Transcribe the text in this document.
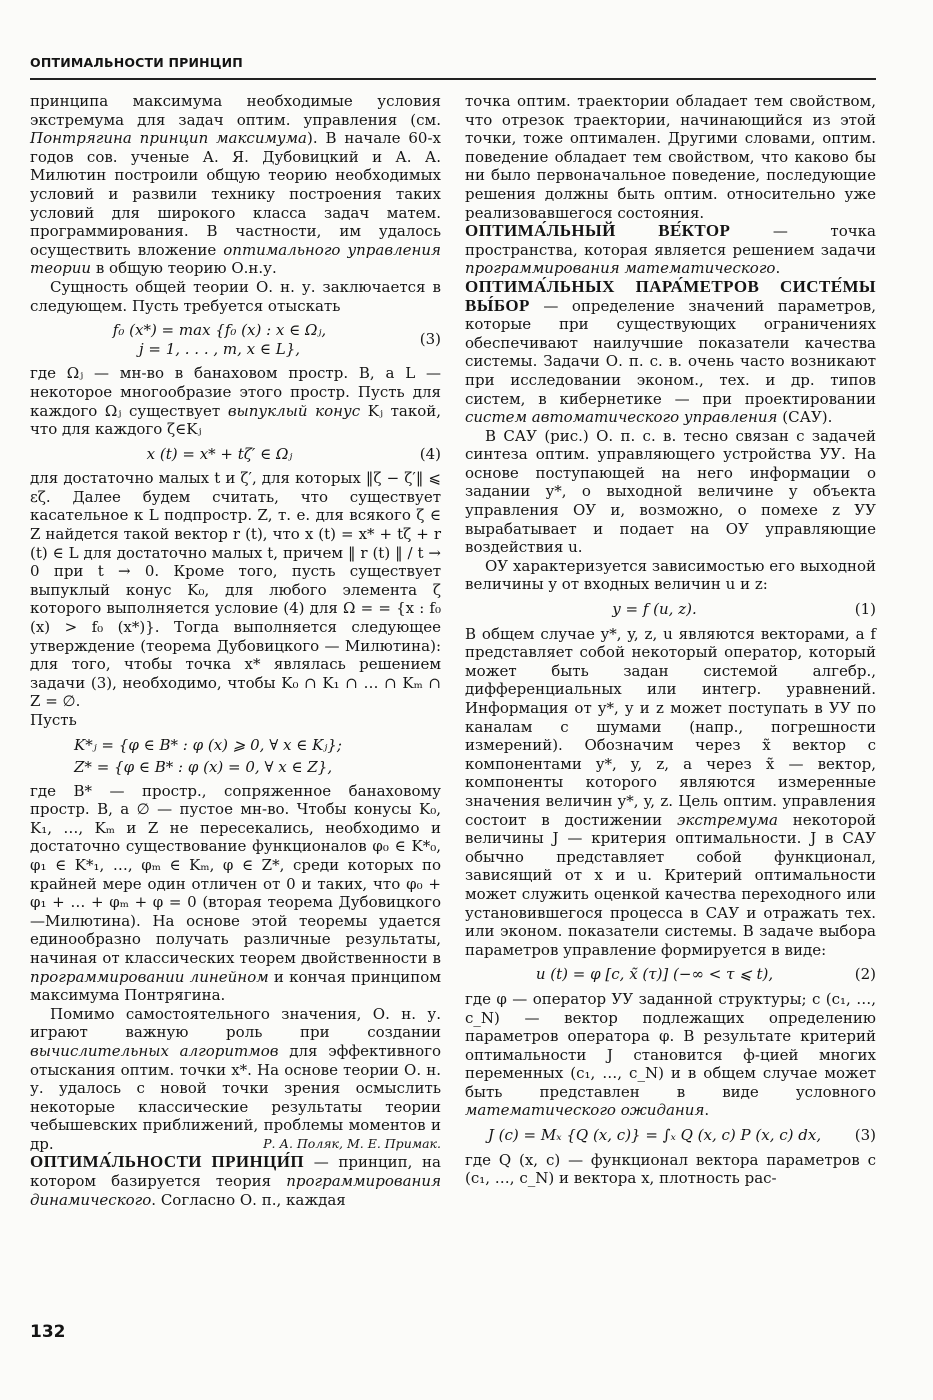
ОПТИМАЛЬНОСТИ ПРИНЦИП

принципа максимума необходимые условия экстремума для задач оптим. управления (см. Понтрягина принцип максимума). В начале 60-х годов сов. ученые А. Я. Дубовицкий и А. А. Милютин построили общую теорию необходимых условий и развили технику построения таких условий для широкого класса задач матем. программирования. В частности, им удалось осуществить вложение оптимального управления теории в общую теорию О.н.у.

Сущность общей теории О. н. у. заключается в следующем. Пусть требуется отыскать

f₀ (x*) = max {f₀ (x) : x ∈ Ωⱼ,
j = 1, . . . , m, x ∈ L},
(3)

где Ωⱼ — мн-во в банаховом простр. B, а L — некоторое многообразие этого простр. Пусть для каждого Ωⱼ существует выпуклый конус Kⱼ такой, что для каждого ζ∈Kⱼ

x (t) = x* + tζ′ ∈ Ωⱼ	(4)

для достаточно малых t и ζ′, для которых ‖ζ − ζ′‖ ⩽ εζ. Далее будем считать, что существует касательное к L подпростр. Z, т. е. для всякого ζ ∈ Z найдется такой вектор r (t), что x (t) = x* + tζ + r (t) ∈ L для достаточно малых t, причем ‖ r (t) ‖ / t → 0 при t → 0. Кроме того, пусть существует выпуклый конус K₀, для любого элемента ζ которого выполняется условие (4) для Ω = = {x : f₀ (x) > f₀ (x*)}. Тогда выполняется следующее утверждение (теорема Дубовицкого — Милютина): для того, чтобы точка x* являлась решением задачи (3), необходимо, чтобы K₀ ∩ K₁ ∩ … ∩ Kₘ ∩ Z = ∅.

Пусть

K*ⱼ = {φ ∈ B* : φ (x) ⩾ 0, ∀ x ∈ Kⱼ};
Z* = {φ ∈ B* : φ (x) = 0, ∀ x ∈ Z},

где B* — простр., сопряженное банаховому простр. B, а ∅ — пустое мн-во. Чтобы конусы K₀, K₁, …, Kₘ и Z не пересекались, необходимо и достаточно существование функционалов φ₀ ∈ K*₀, φ₁ ∈ K*₁, …, φₘ ∈ Kₘ, φ ∈ Z*, среди которых по крайней мере один отличен от 0 и таких, что φ₀ + φ₁ + … + φₘ + φ = 0 (вторая теорема Дубовицкого—Милютина). На основе этой теоремы удается единообразно получать различные результаты, начиная от классических теорем двойственности в программировании линейном и кончая принципом максимума Понтрягина.

Помимо самостоятельного значения, О. н. у. играют важную роль при создании вычислительных алгоритмов для эффективного отыскания оптим. точки x*. На основе теории О. н. у. удалось с новой точки зрения осмыслить некоторые классические результаты теории чебышевских приближений, проблемы моментов и др.	Р. А. Поляк, М. Е. Примак.

ОПТИМА́ЛЬНОСТИ ПРИНЦИ́П — принцип, на котором базируется теория программирования динамического. Согласно О. п., каждая

точка оптим. траектории обладает тем свойством, что отрезок траектории, начинающийся из этой точки, тоже оптимален. Другими словами, оптим. поведение обладает тем свойством, что каково бы ни было первоначальное поведение, последующие решения должны быть оптим. относительно уже реализовавшегося состояния.

ОПТИМА́ЛЬНЫЙ ВЕ́КТОР — точка пространства, которая является решением задачи программирования математического.

ОПТИМА́ЛЬНЫХ ПАРА́МЕТРОВ СИСТЕ́МЫ ВЫ́БОР — определение значений параметров, которые при существующих ограничениях обеспечивают наилучшие показатели качества системы. Задачи О. п. с. в. очень часто возникают при исследовании эконом., тех. и др. типов систем, в кибернетике — при проектировании систем автоматического управления (САУ).

В САУ (рис.) О. п. с. в. тесно связан с задачей синтеза оптим. управляющего устройства УУ. На основе поступающей на него информации о задании y*, о выходной величине y объекта управления ОУ и, возможно, о помехе z УУ вырабатывает и подает на ОУ управляющие воздействия u.

ОУ характеризуется зависимостью его выходной величины y от входных величин u и z:

y = f (u, z).	(1)

В общем случае y*, y, z, u являются векторами, а f представляет собой некоторый оператор, который может быть задан системой алгебр., дифференциальных или интегр. уравнений. Информация от y*, y и z может поступать в УУ по каналам с шумами (напр., погрешности измерений). Обозначим через x̃ вектор с компонентами y*, y, z, а через x̃ — вектор, компоненты которого являются измеренные значения величин y*, y, z. Цель оптим. управления состоит в достижении экстремума некоторой величины J — критерия оптимальности. J в САУ обычно представляет собой функционал, зависящий от x и u. Критерий оптимальности может служить оценкой качества переходного или установившегося процесса в САУ и отражать тех. или эконом. показатели системы. В задаче выбора параметров управление формируется в виде:

u (t) = φ [c, x̃ (τ)] (−∞ < τ ⩽ t),	(2)

где φ — оператор УУ заданной структуры; c (c₁, …, c_N) — вектор подлежащих определению параметров оператора φ. В результате критерий оптимальности J становится ф-цией многих переменных (c₁, …, c_N) и в общем случае может быть представлен в виде условного математического ожидания.

J (c) = Mₓ {Q (x, c)} = ∫ₓ Q (x, c) P (x, c) dx,	(3)

где Q (x, c) — функционал вектора параметров c (c₁, …, c_N) и вектора x, плотность рас-

132
